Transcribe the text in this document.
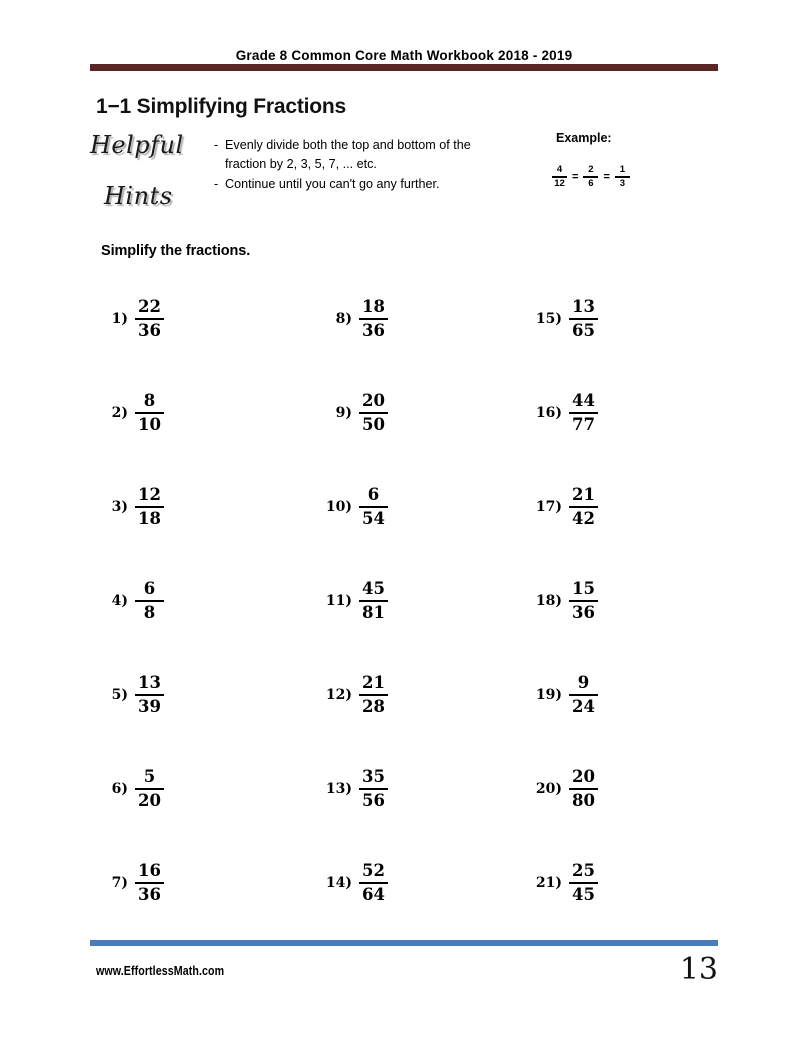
Grade 8 Common Core Math Workbook 2018 - 2019
1−1 Simplifying Fractions
Helpful
Hints
- Evenly divide both the top and bottom of the fraction by 2, 3, 5, 7, ... etc.
- Continue until you can't go any further.
Example:
$\frac{4}{12} = \frac{2}{6} = \frac{1}{3}$
Simplify the fractions.
$1) \frac{22}{36}$
$2) \frac{8}{10}$
$3) \frac{12}{18}$
$4) \frac{6}{8}$
$5) \frac{13}{39}$
$6) \frac{5}{20}$
$7) \frac{16}{36}$
$8) \frac{18}{36}$
$9) \frac{20}{50}$
$10) \frac{6}{54}$
$11) \frac{45}{81}$
$12) \frac{21}{28}$
$13) \frac{35}{56}$
$14) \frac{52}{64}$
$15) \frac{13}{65}$
$16) \frac{44}{77}$
$17) \frac{21}{42}$
$18) \frac{15}{36}$
$19) \frac{9}{24}$
$20) \frac{20}{80}$
$21) \frac{25}{45}$
www.EffortlessMath.com	13
